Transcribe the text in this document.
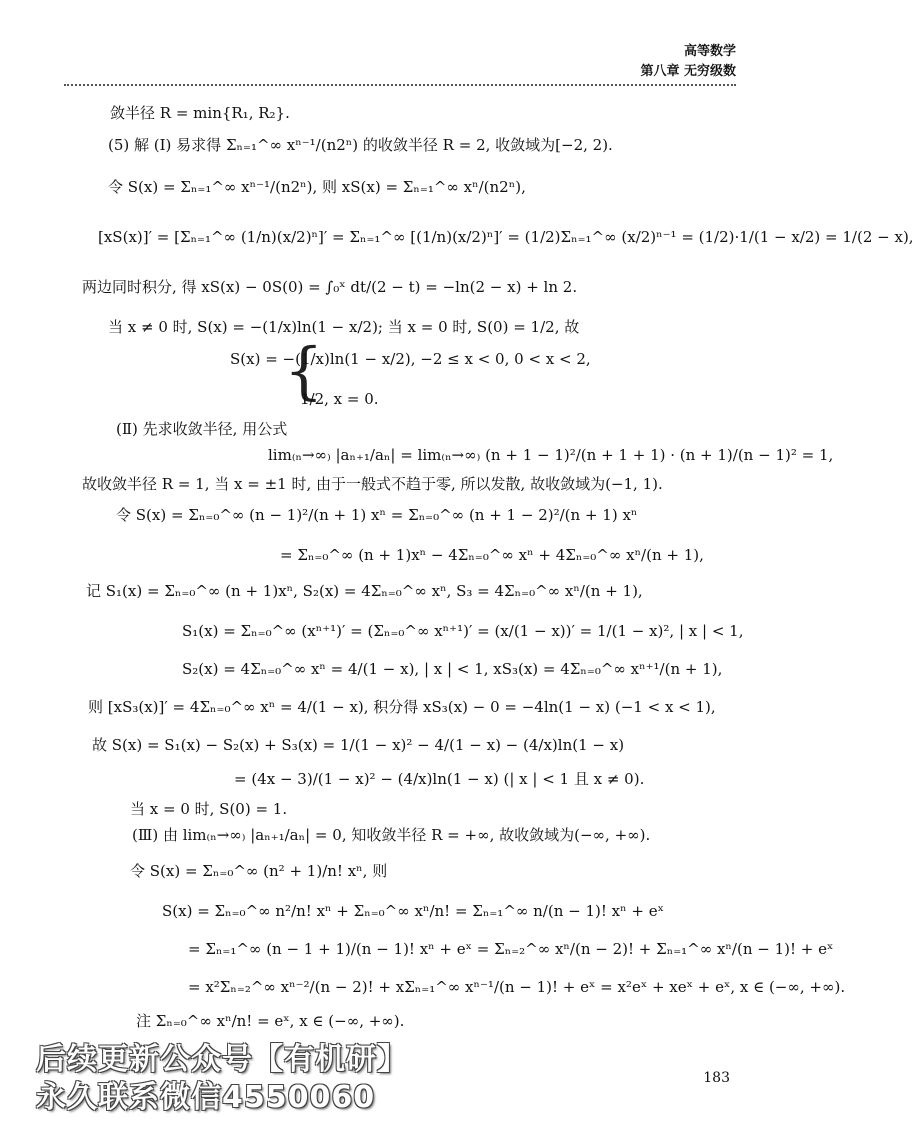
高等数学
第八章 无穷级数
敛半径 R = min{R₁, R₂}.
(5) 解 (Ⅰ) 易求得 Σₙ₌₁^∞ xⁿ⁻¹/(n2ⁿ) 的收敛半径 R = 2, 收敛域为[−2, 2).
令 S(x) = Σₙ₌₁^∞ xⁿ⁻¹/(n2ⁿ), 则 xS(x) = Σₙ₌₁^∞ xⁿ/(n2ⁿ),
[xS(x)]′ = [Σₙ₌₁^∞ (1/n)(x/2)ⁿ]′ = Σₙ₌₁^∞ [(1/n)(x/2)ⁿ]′ = (1/2)Σₙ₌₁^∞ (x/2)ⁿ⁻¹ = (1/2)·1/(1 − x/2) = 1/(2 − x),
两边同时积分, 得 xS(x) − 0S(0) = ∫₀ˣ dt/(2 − t) = −ln(2 − x) + ln 2.
当 x ≠ 0 时, S(x) = −(1/x)ln(1 − x/2); 当 x = 0 时, S(0) = 1/2, 故
{
S(x) = −(1/x)ln(1 − x/2), −2 ≤ x < 0, 0 < x < 2,
1/2, x = 0.
(Ⅱ) 先求收敛半径, 用公式
lim₍ₙ→∞₎ |aₙ₊₁/aₙ| = lim₍ₙ→∞₎ (n + 1 − 1)²/(n + 1 + 1) · (n + 1)/(n − 1)² = 1,
故收敛半径 R = 1, 当 x = ±1 时, 由于一般式不趋于零, 所以发散, 故收敛域为(−1, 1).
令 S(x) = Σₙ₌₀^∞ (n − 1)²/(n + 1) xⁿ = Σₙ₌₀^∞ (n + 1 − 2)²/(n + 1) xⁿ
= Σₙ₌₀^∞ (n + 1)xⁿ − 4Σₙ₌₀^∞ xⁿ + 4Σₙ₌₀^∞ xⁿ/(n + 1),
记 S₁(x) = Σₙ₌₀^∞ (n + 1)xⁿ, S₂(x) = 4Σₙ₌₀^∞ xⁿ, S₃ = 4Σₙ₌₀^∞ xⁿ/(n + 1),
S₁(x) = Σₙ₌₀^∞ (xⁿ⁺¹)′ = (Σₙ₌₀^∞ xⁿ⁺¹)′ = (x/(1 − x))′ = 1/(1 − x)², | x | < 1,
S₂(x) = 4Σₙ₌₀^∞ xⁿ = 4/(1 − x), | x | < 1, xS₃(x) = 4Σₙ₌₀^∞ xⁿ⁺¹/(n + 1),
则 [xS₃(x)]′ = 4Σₙ₌₀^∞ xⁿ = 4/(1 − x), 积分得 xS₃(x) − 0 = −4ln(1 − x) (−1 < x < 1),
故 S(x) = S₁(x) − S₂(x) + S₃(x) = 1/(1 − x)² − 4/(1 − x) − (4/x)ln(1 − x)
= (4x − 3)/(1 − x)² − (4/x)ln(1 − x) (| x | < 1 且 x ≠ 0).
当 x = 0 时, S(0) = 1.
(Ⅲ) 由 lim₍ₙ→∞₎ |aₙ₊₁/aₙ| = 0, 知收敛半径 R = +∞, 故收敛域为(−∞, +∞).
令 S(x) = Σₙ₌₀^∞ (n² + 1)/n! xⁿ, 则
S(x) = Σₙ₌₀^∞ n²/n! xⁿ + Σₙ₌₀^∞ xⁿ/n! = Σₙ₌₁^∞ n/(n − 1)! xⁿ + eˣ
= Σₙ₌₁^∞ (n − 1 + 1)/(n − 1)! xⁿ + eˣ = Σₙ₌₂^∞ xⁿ/(n − 2)! + Σₙ₌₁^∞ xⁿ/(n − 1)! + eˣ
= x²Σₙ₌₂^∞ xⁿ⁻²/(n − 2)! + xΣₙ₌₁^∞ xⁿ⁻¹/(n − 1)! + eˣ = x²eˣ + xeˣ + eˣ, x ∈ (−∞, +∞).
注 Σₙ₌₀^∞ xⁿ/n! = eˣ, x ∈ (−∞, +∞).
183
后续更新公众号【有机研】
永久联系微信4550060
